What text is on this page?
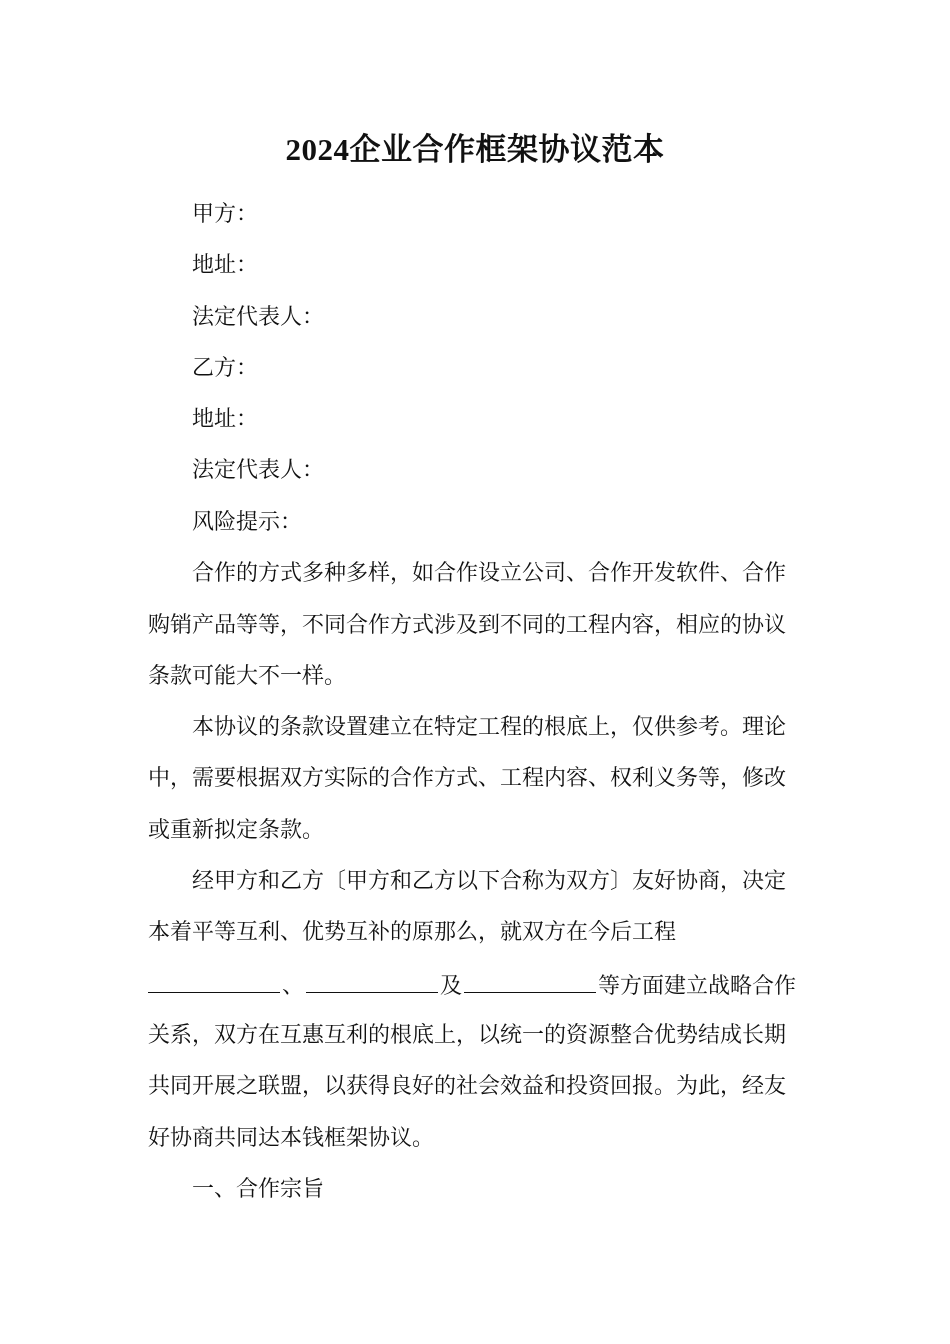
2024企业合作框架协议范本
甲方：
地址：
法定代表人：
乙方：
地址：
法定代表人：
风险提示：
合作的方式多种多样，如合作设立公司、合作开发软件、合作
购销产品等等，不同合作方式涉及到不同的工程内容，相应的协议
条款可能大不一样。
本协议的条款设置建立在特定工程的根底上，仅供参考。理论
中，需要根据双方实际的合作方式、工程内容、权利义务等，修改
或重新拟定条款。
经甲方和乙方〔甲方和乙方以下合称为双方〕友好协商，决定
本着平等互利、优势互补的原那么，就双方在今后工程
、	及	等方面建立战略合作
关系，双方在互惠互利的根底上，以统一的资源整合优势结成长期
共同开展之联盟，以获得良好的社会效益和投资回报。为此，经友
好协商共同达本钱框架协议。
一、合作宗旨
